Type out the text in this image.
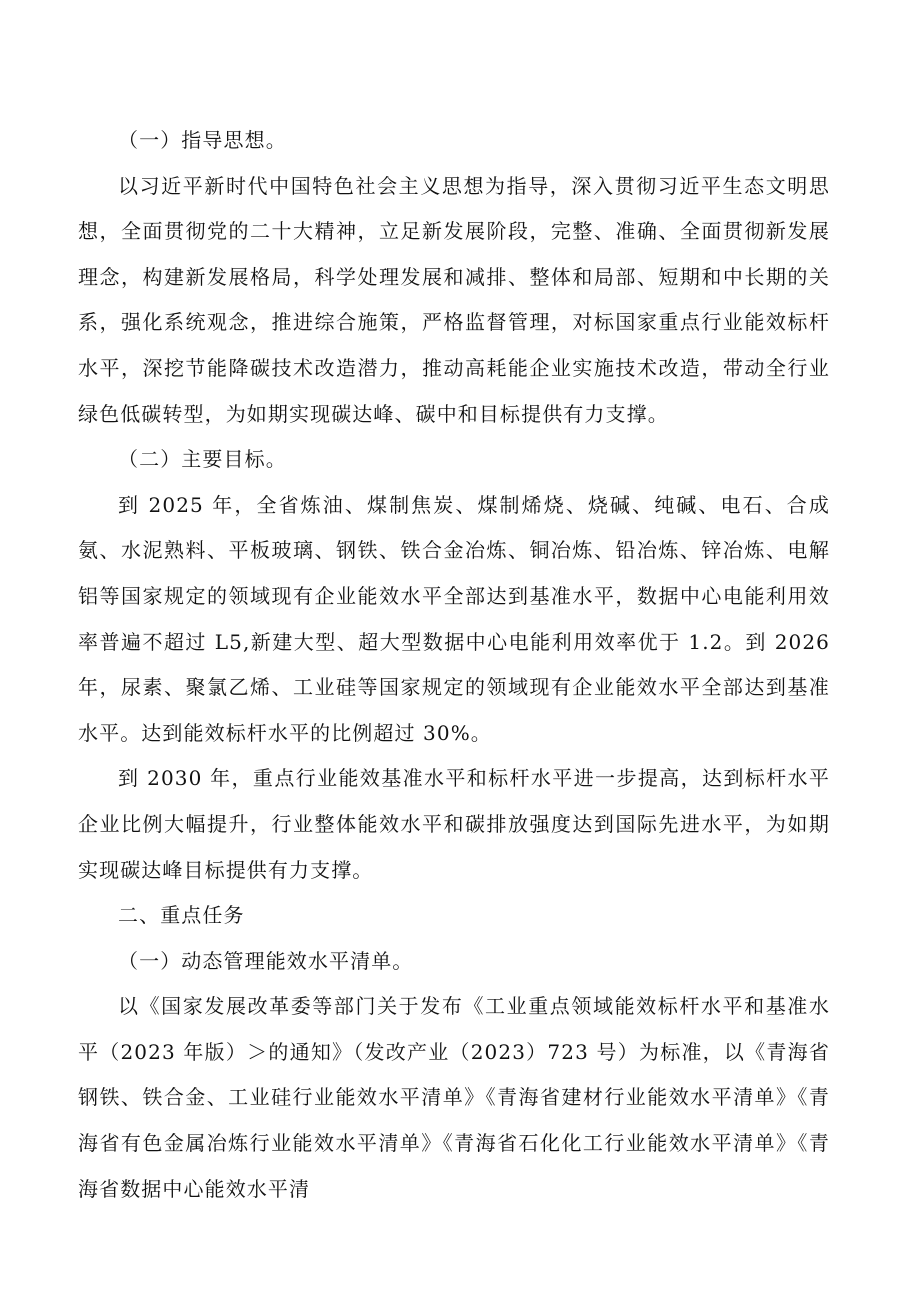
（一）指导思想。

以习近平新时代中国特色社会主义思想为指导，深入贯彻习近平生态文明思想，全面贯彻党的二十大精神，立足新发展阶段，完整、准确、全面贯彻新发展理念，构建新发展格局，科学处理发展和减排、整体和局部、短期和中长期的关系，强化系统观念，推进综合施策，严格监督管理，对标国家重点行业能效标杆水平，深挖节能降碳技术改造潜力，推动高耗能企业实施技术改造，带动全行业绿色低碳转型，为如期实现碳达峰、碳中和目标提供有力支撑。

（二）主要目标。

到 2025 年，全省炼油、煤制焦炭、煤制烯烧、烧碱、纯碱、电石、合成氨、水泥熟料、平板玻璃、钢铁、铁合金冶炼、铜冶炼、铅冶炼、锌冶炼、电解铝等国家规定的领域现有企业能效水平全部达到基准水平，数据中心电能利用效率普遍不超过 L5,新建大型、超大型数据中心电能利用效率优于 1.2。到 2026 年，尿素、聚氯乙烯、工业硅等国家规定的领域现有企业能效水平全部达到基准水平。达到能效标杆水平的比例超过 30%。

到 2030 年，重点行业能效基准水平和标杆水平进一步提高，达到标杆水平企业比例大幅提升，行业整体能效水平和碳排放强度达到国际先进水平，为如期实现碳达峰目标提供有力支撑。

二、重点任务

（一）动态管理能效水平清单。

以《国家发展改革委等部门关于发布《工业重点领域能效标杆水平和基准水平（2023 年版）＞的通知》（发改产业（2023）723 号）为标准，以《青海省钢铁、铁合金、工业硅行业能效水平清单》《青海省建材行业能效水平清单》《青海省有色金属冶炼行业能效水平清单》《青海省石化化工行业能效水平清单》《青海省数据中心能效水平清
